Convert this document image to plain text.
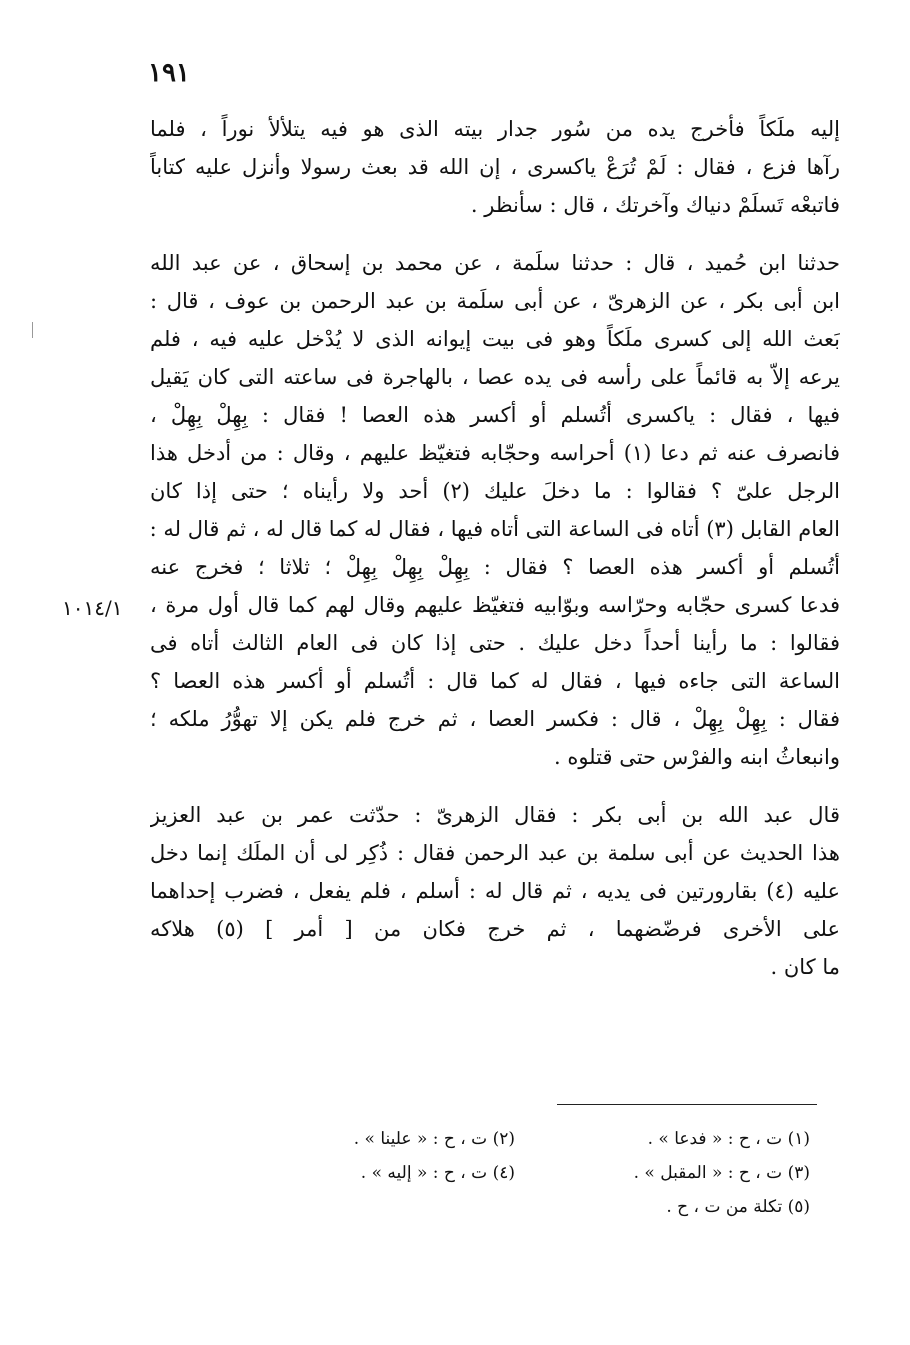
١٩١
١٠١٤/١
إليه ملَكاً فأخرج يده من سُور جدار بيته الذى هو فيه يتلألأ نوراً ، فلما
رآها فزع ، فقال : لَمْ تُرَعْ ياكسرى ، إن الله قد بعث رسولا وأنزل عليه كتاباً
فاتبعْه تَسلَمْ دنياك وآخرتك ، قال : سأنظر .
حدثنا ابن حُميد ، قال : حدثنا سلَمة ، عن محمد بن إسحاق ، عن عبد الله
ابن أبى بكر ، عن الزهرىّ ، عن أبى سلَمة بن عبد الرحمن بن عوف ، قال :
بَعث الله إلى كسرى ملَكاً وهو فى بيت إيوانه الذى لا يُدْخل عليه فيه ، فلم
يرعه إلاّ به قائماً على رأسه فى يده عصا ، بالهاجرة فى ساعته التى كان يَقيل
فيها ، فقال : ياكسرى أتُسلم أو أكسر هذه العصا ! فقال : بِهِلْ بِهِلْ ،
فانصرف عنه ثم دعا (١) أحراسه وحجّابه فتغيّظ عليهم ، وقال : من أدخل هذا
الرجل علىّ ؟ فقالوا : ما دخلَ عليك (٢) أحد ولا رأيناه ؛ حتى إذا كان
العام القابل (٣) أتاه فى الساعة التى أتاه فيها ، فقال له كما قال له ، ثم قال له :
أتُسلم أو أكسر هذه العصا ؟ فقال : بِهِلْ بِهِلْ بِهِلْ ؛ ثلاثا ؛ فخرج عنه
فدعا كسرى حجّابه وحرّاسه وبوّابيه فتغيّظ عليهم وقال لهم كما قال أول مرة ،
فقالوا : ما رأينا أحداً دخل عليك . حتى إذا كان فى العام الثالث أتاه فى
الساعة التى جاءه فيها ، فقال له كما قال : أتُسلم أو أكسر هذه العصا ؟
فقال : بِهِلْ بِهِلْ ، قال : فكسر العصا ، ثم خرج فلم يكن إلا تهوُّرُ ملكه ؛
وانبعاثُ ابنه والفرْس حتى قتلوه .
قال عبد الله بن أبى بكر : فقال الزهرىّ : حدّثت عمر بن عبد العزيز
هذا الحديث عن أبى سلمة بن عبد الرحمن فقال : ذُكِر لى أن الملَك إنما دخل
عليه (٤) بقارورتين فى يديه ، ثم قال له : أسلم ، فلم يفعل ، فضرب إحداهما
على الأخرى فرضّضهما ، ثم خرج فكان من [ أمر ] (٥) هلاكه
ما كان .
(١) ت ، ح : « فدعا » .
(٢) ت ، ح : « علينا » .
(٣) ت ، ح : « المقبل » .
(٤) ت ، ح : « إليه » .
(٥) تكلة من ت ، ح .
